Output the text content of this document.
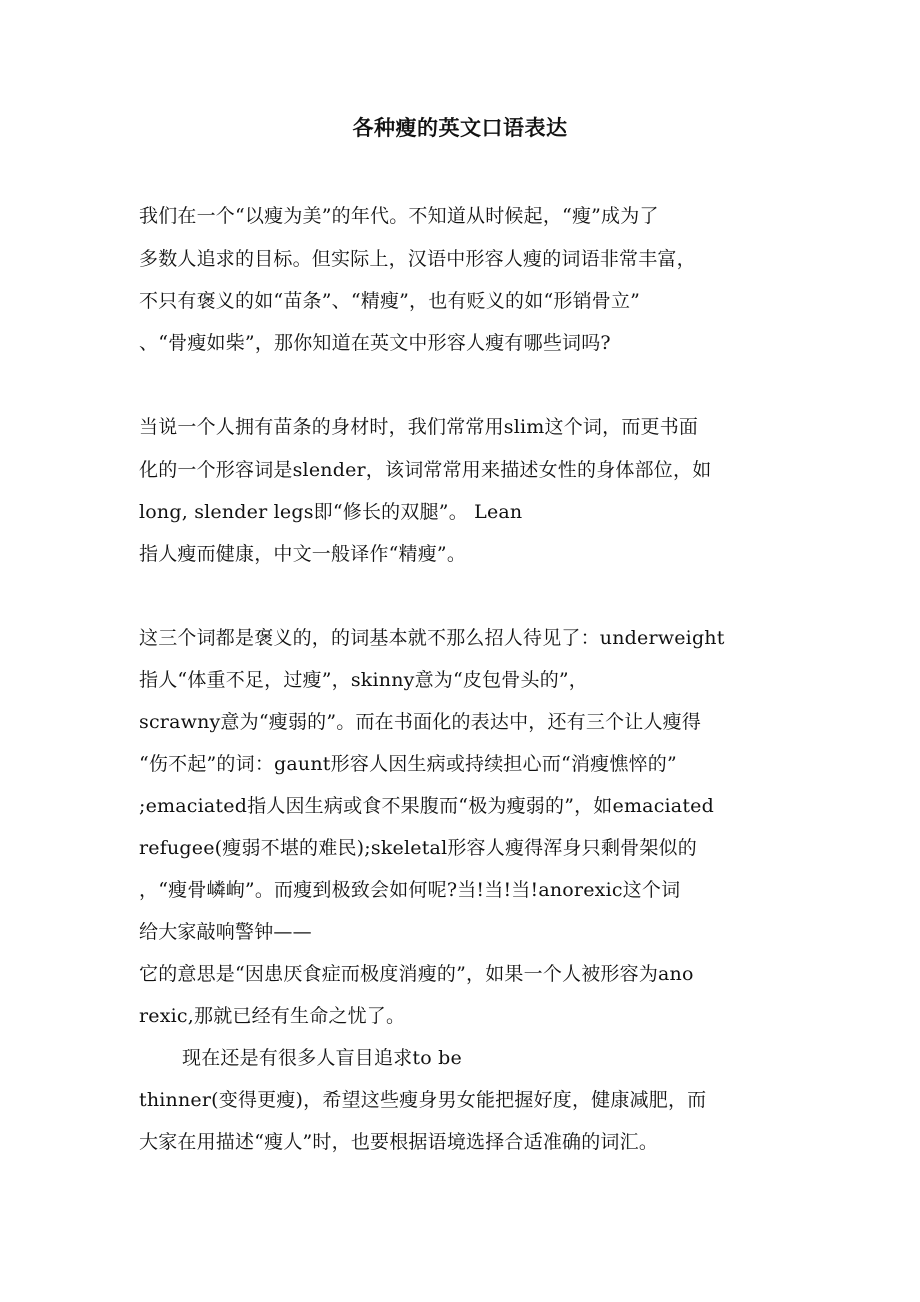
各种瘦的英文口语表达
我们在一个“以瘦为美”的年代。不知道从时候起，“瘦”成为了
多数人追求的目标。但实际上，汉语中形容人瘦的词语非常丰富，
不只有褒义的如“苗条”、“精瘦”，也有贬义的如“形销骨立”
、“骨瘦如柴”，那你知道在英文中形容人瘦有哪些词吗?
当说一个人拥有苗条的身材时，我们常常用slim这个词，而更书面
化的一个形容词是slender，该词常常用来描述女性的身体部位，如
long, slender legs即“修长的双腿”。 Lean
指人瘦而健康，中文一般译作“精瘦”。
这三个词都是褒义的，的词基本就不那么招人待见了：underweight
指人“体重不足，过瘦”，skinny意为“皮包骨头的”，
scrawny意为“瘦弱的”。而在书面化的表达中，还有三个让人瘦得
“伤不起”的词：gaunt形容人因生病或持续担心而“消瘦憔悴的”
;emaciated指人因生病或食不果腹而“极为瘦弱的”，如emaciated
refugee(瘦弱不堪的难民);skeletal形容人瘦得浑身只剩骨架似的
，“瘦骨嶙峋”。而瘦到极致会如何呢?当!当!当!anorexic这个词
给大家敲响警钟——
它的意思是“因患厌食症而极度消瘦的”，如果一个人被形容为ano
rexic,那就已经有生命之忧了。
现在还是有很多人盲目追求to be
thinner(变得更瘦)，希望这些瘦身男女能把握好度，健康减肥，而
大家在用描述“瘦人”时，也要根据语境选择合适准确的词汇。
